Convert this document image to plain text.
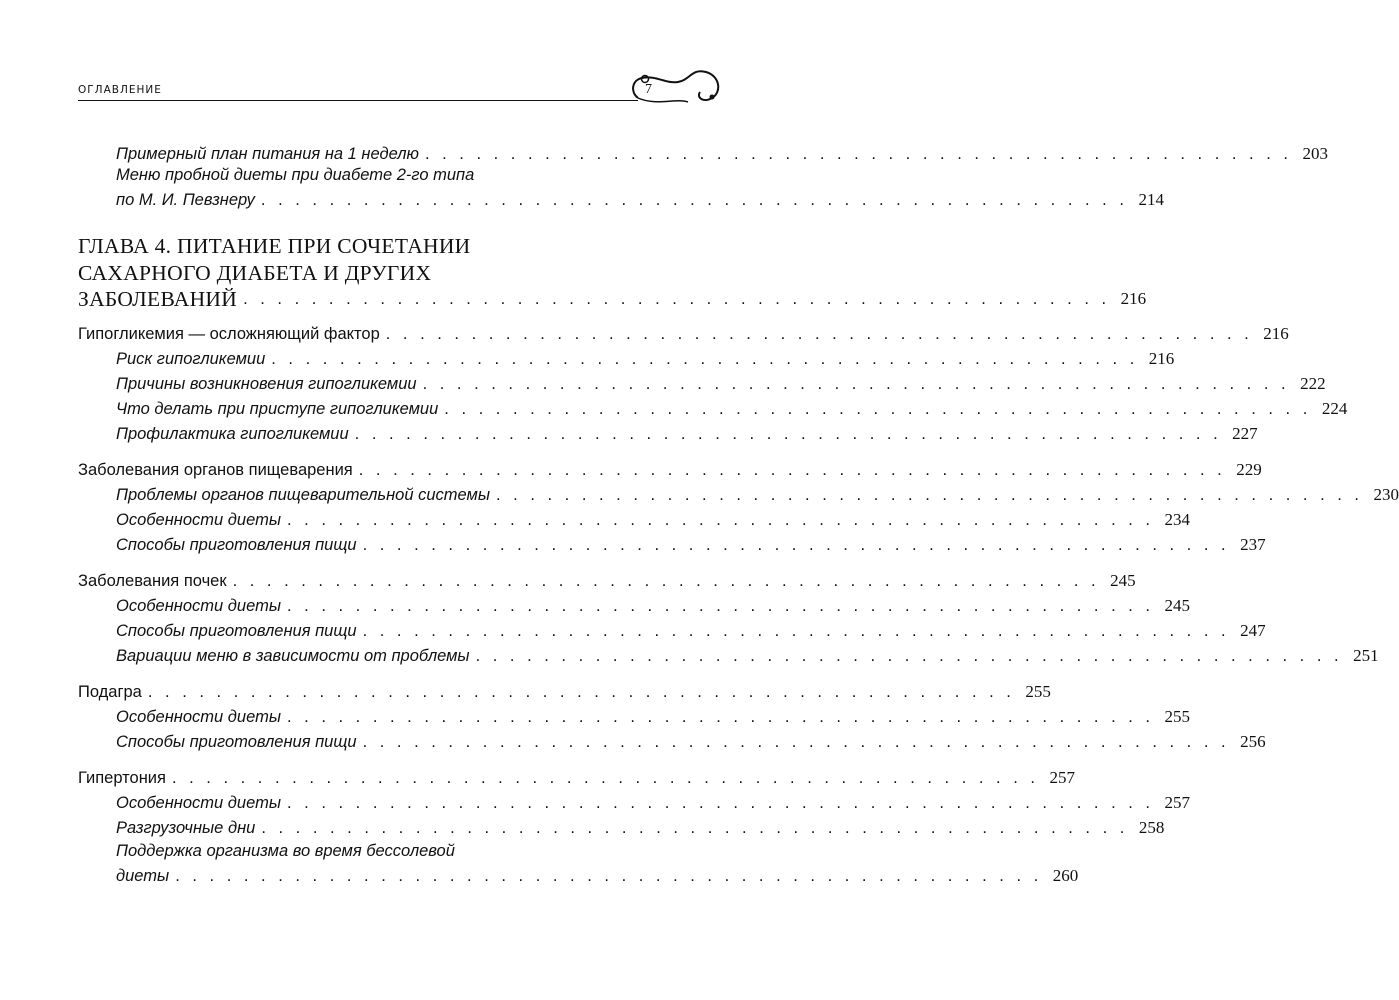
ОГЛАВЛЕНИЕ	7
Примерный план питания на 1 неделю . . . . . . . . . . . . . . . . . . . . . . . . . . . . . . . . . . . . . . . . . . . . . . . . . . . 203
Меню пробной диеты при диабете 2-го типа
по М. И. Певзнеру . . . . . . . . . . . . . . . . . . . . . . . . . . . . . . . . . . . . . . . . . . . . . . . . . . . 214
ГЛАВА 4. ПИТАНИЕ ПРИ СОЧЕТАНИИ
САХАРНОГО ДИАБЕТА И ДРУГИХ
ЗАБОЛЕВАНИЙ . . . . . . . . . . . . . . . . . . . . . . . . . . . . . . . . . . . . . . . . . . . . . . . . . . . 216
Гипогликемия — осложняющий фактор . . . . . . . . . . . . . . . . . . . . . . . . . . . . . . . . . . . . . . . . . . . . . . . . . . . 216
Риск гипогликемии . . . . . . . . . . . . . . . . . . . . . . . . . . . . . . . . . . . . . . . . . . . . . . . . . . . 216
Причины возникновения гипогликемии . . . . . . . . . . . . . . . . . . . . . . . . . . . . . . . . . . . . . . . . . . . . . . . . . . . 222
Что делать при приступе гипогликемии . . . . . . . . . . . . . . . . . . . . . . . . . . . . . . . . . . . . . . . . . . . . . . . . . . . 224
Профилактика гипогликемии . . . . . . . . . . . . . . . . . . . . . . . . . . . . . . . . . . . . . . . . . . . . . . . . . . . 227
Заболевания органов пищеварения . . . . . . . . . . . . . . . . . . . . . . . . . . . . . . . . . . . . . . . . . . . . . . . . . . . 229
Проблемы органов пищеварительной системы . . . . . . . . . . . . . . . . . . . . . . . . . . . . . . . . . . . . . . . . . . . . . . . . . . . 230
Особенности диеты . . . . . . . . . . . . . . . . . . . . . . . . . . . . . . . . . . . . . . . . . . . . . . . . . . . 234
Способы приготовления пищи . . . . . . . . . . . . . . . . . . . . . . . . . . . . . . . . . . . . . . . . . . . . . . . . . . . 237
Заболевания почек . . . . . . . . . . . . . . . . . . . . . . . . . . . . . . . . . . . . . . . . . . . . . . . . . . . 245
Особенности диеты . . . . . . . . . . . . . . . . . . . . . . . . . . . . . . . . . . . . . . . . . . . . . . . . . . . 245
Способы приготовления пищи . . . . . . . . . . . . . . . . . . . . . . . . . . . . . . . . . . . . . . . . . . . . . . . . . . . 247
Вариации меню в зависимости от проблемы . . . . . . . . . . . . . . . . . . . . . . . . . . . . . . . . . . . . . . . . . . . . . . . . . . . 251
Подагра . . . . . . . . . . . . . . . . . . . . . . . . . . . . . . . . . . . . . . . . . . . . . . . . . . . 255
Особенности диеты . . . . . . . . . . . . . . . . . . . . . . . . . . . . . . . . . . . . . . . . . . . . . . . . . . . 255
Способы приготовления пищи . . . . . . . . . . . . . . . . . . . . . . . . . . . . . . . . . . . . . . . . . . . . . . . . . . . 256
Гипертония . . . . . . . . . . . . . . . . . . . . . . . . . . . . . . . . . . . . . . . . . . . . . . . . . . . 257
Особенности диеты . . . . . . . . . . . . . . . . . . . . . . . . . . . . . . . . . . . . . . . . . . . . . . . . . . . 257
Разгрузочные дни . . . . . . . . . . . . . . . . . . . . . . . . . . . . . . . . . . . . . . . . . . . . . . . . . . . 258
Поддержка организма во время бессолевой
диеты . . . . . . . . . . . . . . . . . . . . . . . . . . . . . . . . . . . . . . . . . . . . . . . . . . . 260
